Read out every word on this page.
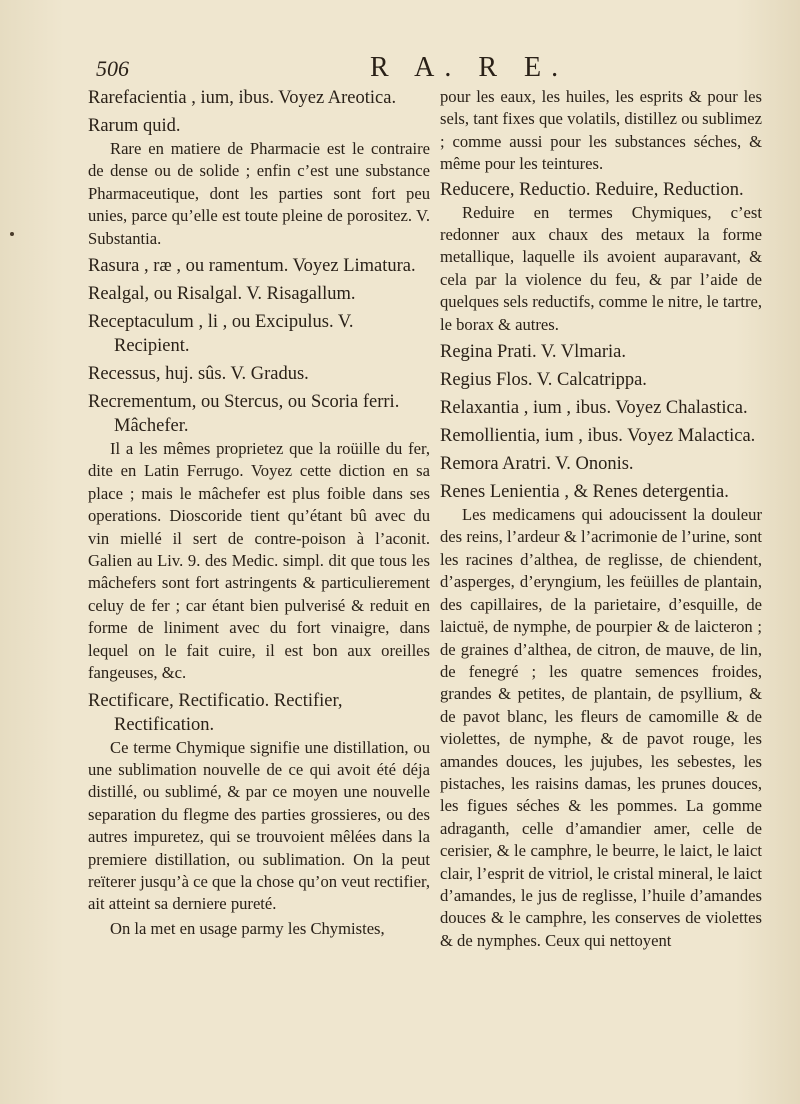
506	R A. R E.
Rarefacientia , ium, ibus. Voyez Areotica.
Rarum quid.

Rare en matiere de Pharmacie est le contraire de dense ou de solide ; enfin c’est une substance Pharmaceutique, dont les parties sont fort peu unies, parce qu’elle est toute pleine de porositez. V. Substantia.

Rasura , ræ , ou ramentum. Voyez Limatura.
Realgal, ou Risalgal. V. Risagallum.
Receptaculum , li , ou Excipulus. V. Recipient.
Recessus, huj. sûs. V. Gradus.
Recrementum, ou Stercus, ou Scoria ferri. Mâchefer.

Il a les mêmes proprietez que la roüille du fer, dite en Latin Ferrugo. Voyez cette diction en sa place ; mais le mâchefer est plus foible dans ses operations. Dioscoride tient qu’étant bû avec du vin miellé il sert de contre-poison à l’aconit. Galien au Liv. 9. des Medic. simpl. dit que tous les mâchefers sont fort astringents & particulierement celuy de fer ; car étant bien pulverisé & reduit en forme de liniment avec du fort vinaigre, dans lequel on le fait cuire, il est bon aux oreilles fangeuses, &c.

Rectificare, Rectificatio. Rectifier, Rectification.

Ce terme Chymique signifie une distillation, ou une sublimation nouvelle de ce qui avoit été déja distillé, ou sublimé, & par ce moyen une nouvelle separation du flegme des parties grossieres, ou des autres impuretez, qui se trouvoient mêlées dans la premiere distillation, ou sublimation. On la peut reïterer jusqu’à ce que la chose qu’on veut rectifier, ait atteint sa derniere pureté.

On la met en usage parmy les Chymistes,

pour les eaux, les huiles, les esprits & pour les sels, tant fixes que volatils, distillez ou sublimez ; comme aussi pour les substances séches, & même pour les teintures.

Reducere, Reductio. Reduire, Reduction.

Reduire en termes Chymiques, c’est redonner aux chaux des metaux la forme metallique, laquelle ils avoient auparavant, & cela par la violence du feu, & par l’aide de quelques sels reductifs, comme le nitre, le tartre, le borax & autres.

Regina Prati. V. Vlmaria.
Regius Flos. V. Calcatrippa.
Relaxantia , ium , ibus. Voyez Chalastica.
Remollientia, ium , ibus. Voyez Malactica.
Remora Aratri. V. Ononis.
Renes Lenientia , & Renes detergentia.

Les medicamens qui adoucissent la douleur des reins, l’ardeur & l’acrimonie de l’urine, sont les racines d’althea, de reglisse, de chiendent, d’asperges, d’eryngium, les feüilles de plantain, des capillaires, de la parietaire, d’esquille, de laictuë, de nymphe, de pourpier & de laicteron ; de graines d’althea, de citron, de mauve, de lin, de fenegré ; les quatre semences froides, grandes & petites, de plantain, de psyllium, & de pavot blanc, les fleurs de camomille & de violettes, de nymphe, & de pavot rouge, les amandes douces, les jujubes, les sebestes, les pistaches, les raisins damas, les prunes douces, les figues séches & les pommes. La gomme adraganth, celle d’amandier amer, celle de cerisier, & le camphre, le beurre, le laict, le laict clair, l’esprit de vitriol, le cristal mineral, le laict d’amandes, le jus de reglisse, l’huile d’amandes douces & le camphre, les conserves de violettes & de nymphes. Ceux qui nettoyent
